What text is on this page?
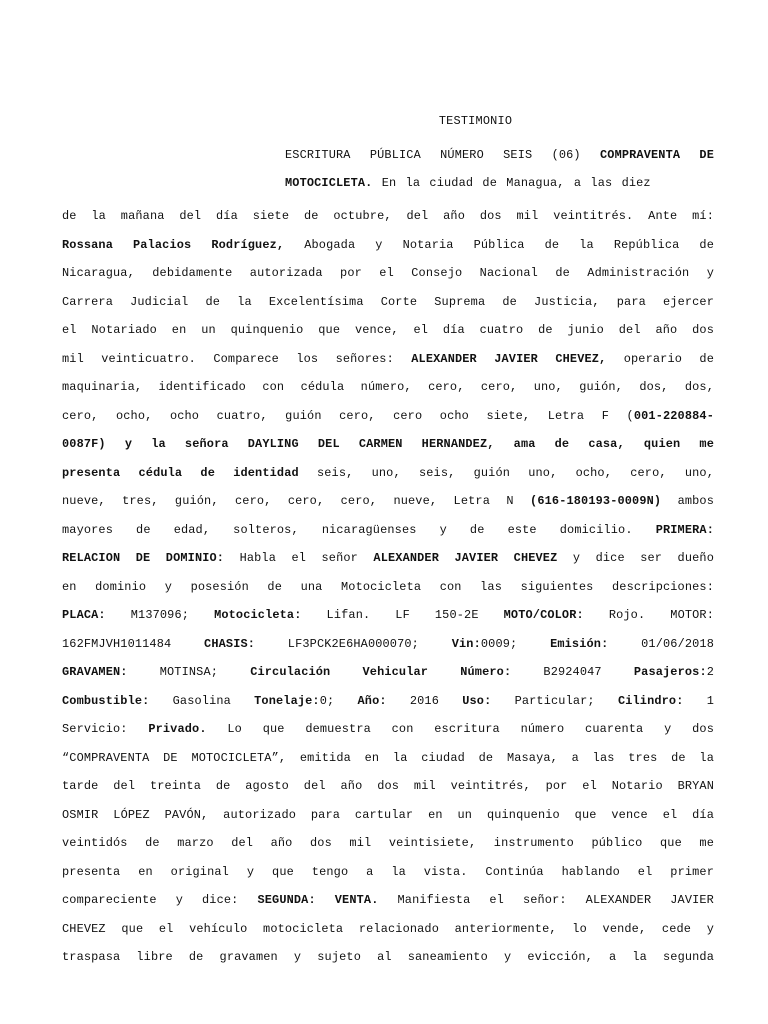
TESTIMONIO
ESCRITURA PÚBLICA NÚMERO SEIS (06) COMPRAVENTA DE
MOTOCICLETA. En la ciudad de Managua, a las diez
de la mañana del día siete de octubre, del año dos mil veintitrés. Ante mí:
Rossana Palacios Rodríguez, Abogada y Notaria Pública de la República de
Nicaragua, debidamente autorizada por el Consejo Nacional de Administración y
Carrera Judicial de la Excelentísima Corte Suprema de Justicia, para ejercer
el Notariado en un quinquenio que vence, el día cuatro de junio del año dos
mil veinticuatro. Comparece los señores: ALEXANDER JAVIER CHEVEZ, operario de
maquinaria, identificado con cédula número, cero, cero, uno, guión, dos, dos,
cero, ocho, ocho cuatro, guión cero, cero ocho siete, Letra F (001-220884-
0087F) y la señora DAYLING DEL CARMEN HERNANDEZ, ama de casa, quien me
presenta cédula de identidad seis, uno, seis, guión uno, ocho, cero, uno,
nueve, tres, guión, cero, cero, cero, nueve, Letra N (616-180193-0009N) ambos
mayores de edad, solteros, nicaragüenses y de este domicilio. PRIMERA:
RELACION DE DOMINIO: Habla el señor ALEXANDER JAVIER CHEVEZ y dice ser dueño
en dominio y posesión de una Motocicleta con las siguientes descripciones:
PLACA: M137096; Motocicleta: Lifan. LF 150-2E MOTO/COLOR: Rojo. MOTOR:
162FMJVH1011484 CHASIS: LF3PCK2E6HA000070; Vin:0009; Emisión: 01/06/2018
GRAVAMEN: MOTINSA; Circulación Vehicular Número: B2924047 Pasajeros:2
Combustible: Gasolina Tonelaje:0; Año: 2016 Uso: Particular; Cilindro: 1
Servicio: Privado. Lo que demuestra con escritura número cuarenta y dos
“COMPRAVENTA DE MOTOCICLETA”, emitida en la ciudad de Masaya, a las tres de la
tarde del treinta de agosto del año dos mil veintitrés, por el Notario BRYAN
OSMIR LÓPEZ PAVÓN, autorizado para cartular en un quinquenio que vence el día
veintidós de marzo del año dos mil veintisiete, instrumento público que me
presenta en original y que tengo a la vista. Continúa hablando el primer
compareciente y dice: SEGUNDA: VENTA. Manifiesta el señor: ALEXANDER JAVIER
CHEVEZ que el vehículo motocicleta relacionado anteriormente, lo vende, cede y
traspasa libre de gravamen y sujeto al saneamiento y evicción, a la segunda
